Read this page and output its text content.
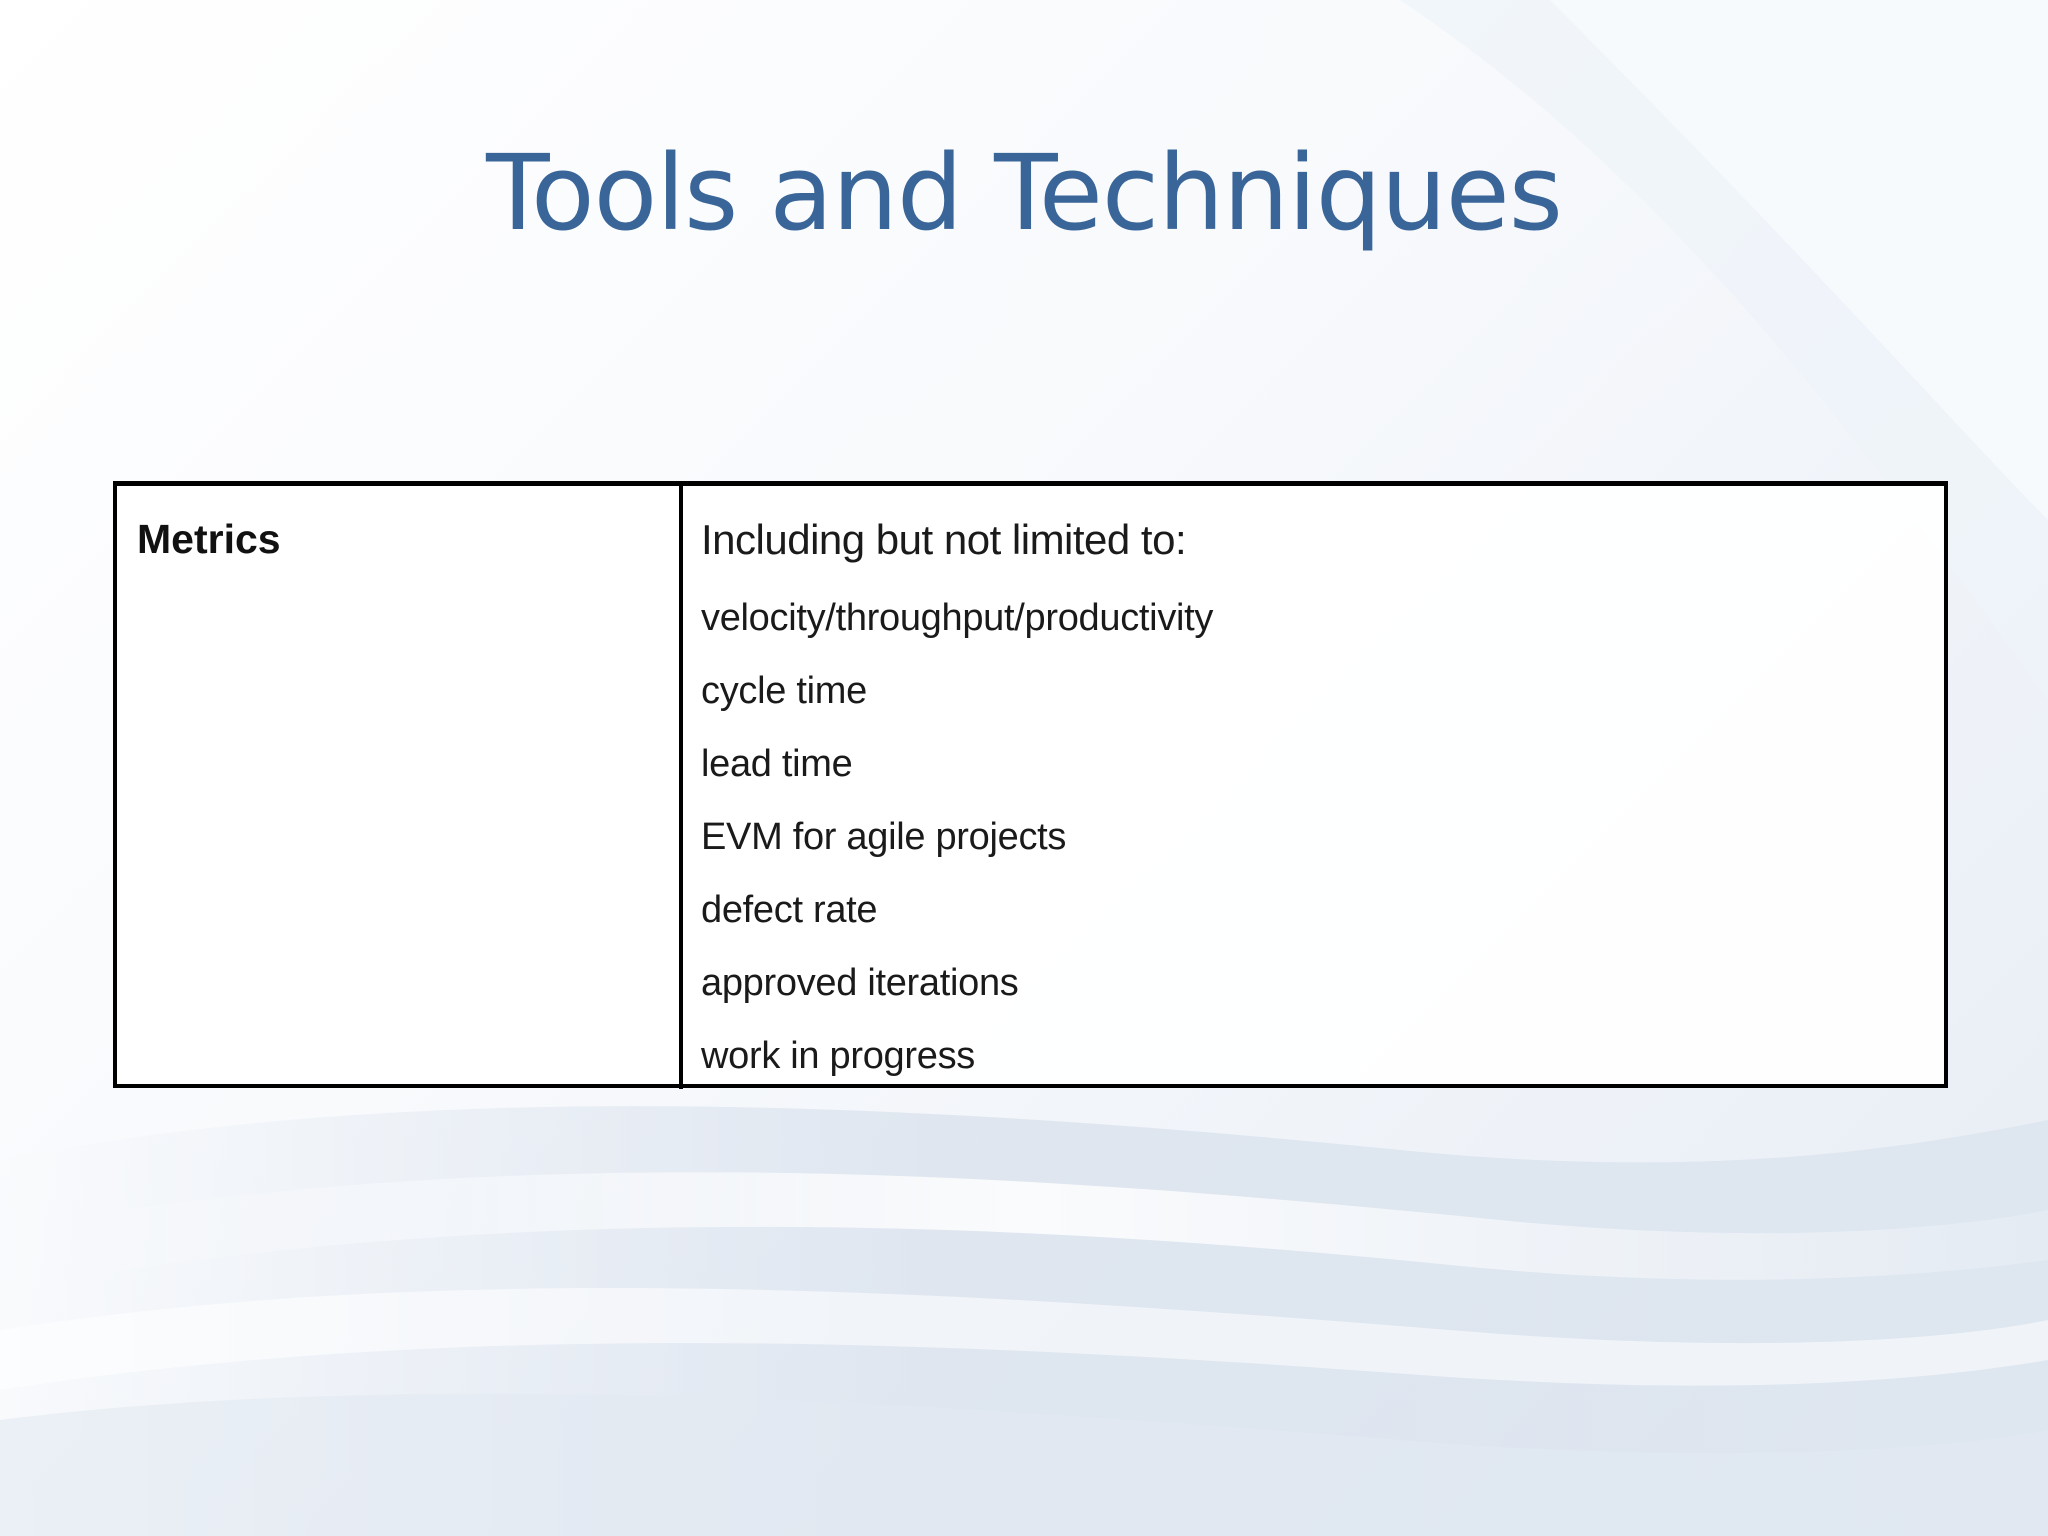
Tools and Techniques
Metrics	Including but not limited to:
velocity/throughput/productivity
cycle time
lead time
EVM for agile projects
defect rate
approved iterations
work in progress
